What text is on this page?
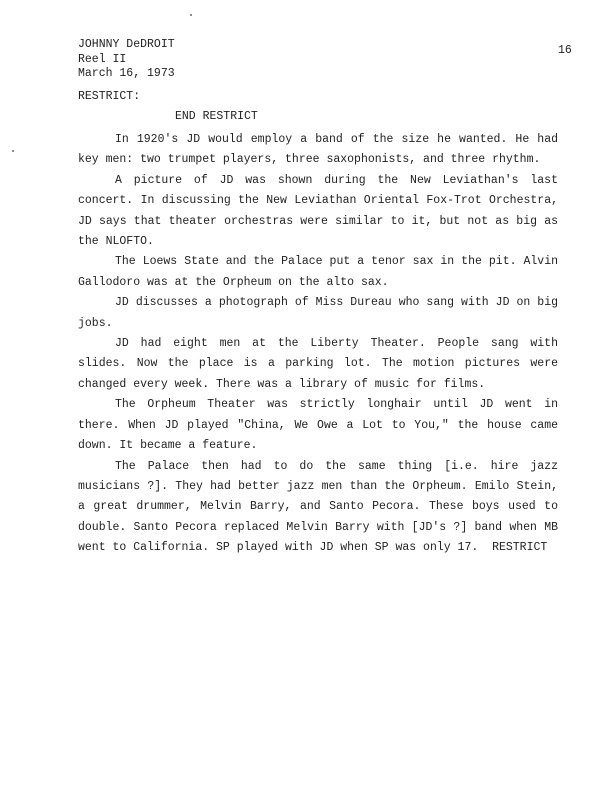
JOHNNY DeDROIT
Reel II
March 16, 1973
16
RESTRICT:
END RESTRICT

In 1920's JD would employ a band of the size he wanted. He had key men: two trumpet players, three saxophonists, and three rhythm.

A picture of JD was shown during the New Leviathan's last concert. In discussing the New Leviathan Oriental Fox-Trot Orchestra, JD says that theater orchestras were similar to it, but not as big as the NLOFTO.

The Loews State and the Palace put a tenor sax in the pit. Alvin Gallodoro was at the Orpheum on the alto sax.

JD discusses a photograph of Miss Dureau who sang with JD on big jobs.

JD had eight men at the Liberty Theater. People sang with slides. Now the place is a parking lot. The motion pictures were changed every week. There was a library of music for films.

The Orpheum Theater was strictly longhair until JD went in there. When JD played "China, We Owe a Lot to You," the house came down. It became a feature.

The Palace then had to do the same thing [i.e. hire jazz musicians ?]. They had better jazz men than the Orpheum. Emilo Stein, a great drummer, Melvin Barry, and Santo Pecora. These boys used to double. Santo Pecora replaced Melvin Barry with [JD's ?] band when MB went to California. SP played with JD when SP was only 17. RESTRICT
